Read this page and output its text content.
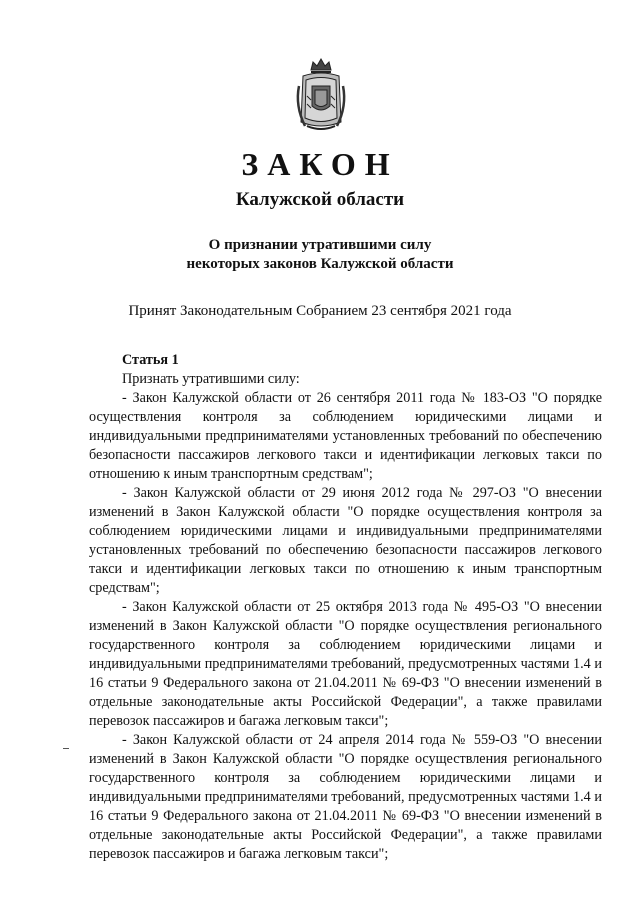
ЗАКОН
Калужской области
О признании утратившими силу
некоторых законов Калужской области

Принят Законодательным Собранием 23 сентября 2021 года

Статья 1

Признать утратившими силу:

- Закон Калужской области от 26 сентября 2011 года № 183-ОЗ "О порядке осуществления контроля за соблюдением юридическими лицами и индивидуальными предпринимателями установленных требований по обеспечению безопасности пассажиров легкового такси и идентификации легковых такси по отношению к иным транспортным средствам";

- Закон Калужской области от 29 июня 2012 года № 297-ОЗ "О внесении изменений в Закон Калужской области "О порядке осуществления контроля за соблюдением юридическими лицами и индивидуальными предпринимателями установленных требований по обеспечению безопасности пассажиров легкового такси и идентификации легковых такси по отношению к иным транспортным средствам";

- Закон Калужской области от 25 октября 2013 года № 495-ОЗ "О внесении изменений в Закон Калужской области "О порядке осуществления регионального государственного контроля за соблюдением юридическими лицами и индивидуальными предпринимателями требований, предусмотренных частями 1.4 и 16 статьи 9 Федерального закона от 21.04.2011 № 69-ФЗ "О внесении изменений в отдельные законодательные акты Российской Федерации", а также правилами перевозок пассажиров и багажа легковым такси";

- Закон Калужской области от 24 апреля 2014 года № 559-ОЗ "О внесении изменений в Закон Калужской области "О порядке осуществления регионального государственного контроля за соблюдением юридическими лицами и индивидуальными предпринимателями требований, предусмотренных частями 1.4 и 16 статьи 9 Федерального закона от 21.04.2011 № 69-ФЗ "О внесении изменений в отдельные законодательные акты Российской Федерации", а также правилами перевозок пассажиров и багажа легковым такси";
